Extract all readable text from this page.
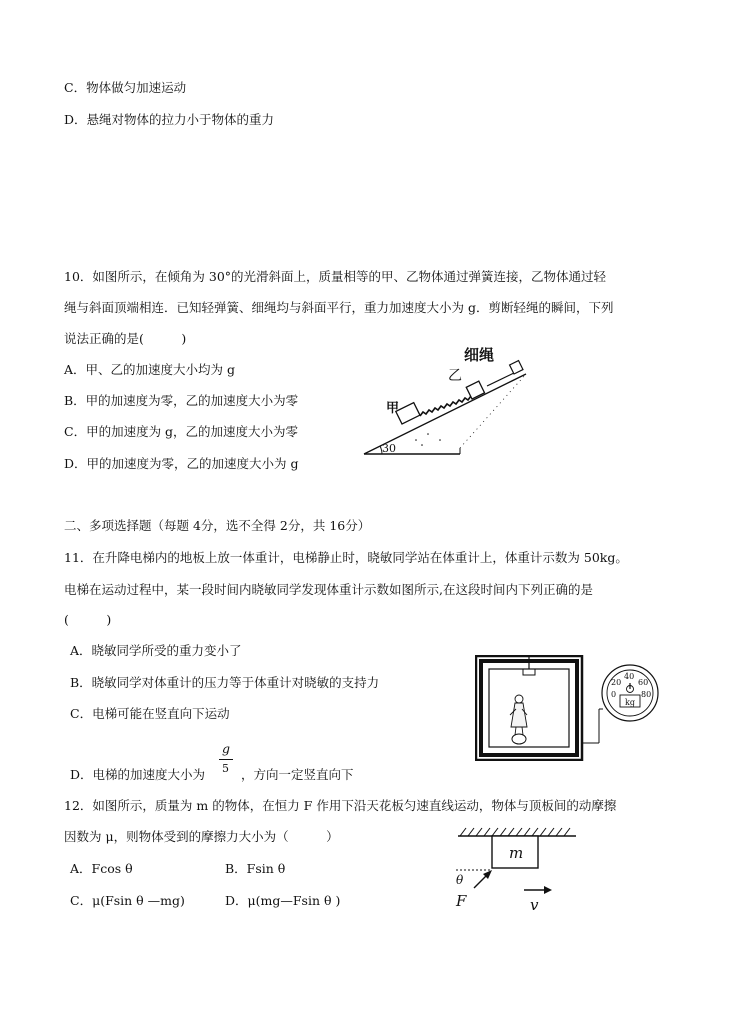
C．物体做匀加速运动
D．悬绳对物体的拉力小于物体的重力
10．如图所示，在倾角为 30°的光滑斜面上，质量相等的甲、乙物体通过弹簧连接，乙物体通过轻
绳与斜面顶端相连．已知轻弹簧、细绳均与斜面平行，重力加速度大小为 g．剪断轻绳的瞬间，下列
说法正确的是(　　　)
A．甲、乙的加速度大小均为 g
B．甲的加速度为零，乙的加速度大小为零
C．甲的加速度为 g，乙的加速度大小为零
D．甲的加速度为零，乙的加速度大小为 g
30
细绳
乙
甲
二、多项选择题（每题 4分，选不全得 2分，共 16分）
11．在升降电梯内的地板上放一体重计，电梯静止时，晓敏同学站在体重计上，体重计示数为 50kg。
电梯在运动过程中，某一段时间内晓敏同学发现体重计示数如图所示,在这段时间内下列正确的是
(　　　)
A．晓敏同学所受的重力变小了
B．晓敏同学对体重计的压力等于体重计对晓敏的支持力
C．电梯可能在竖直向下运动
D．电梯的加速度大小为
g
5 ，方向一定竖直向下
kg
40
20 60
0	80
12．如图所示，质量为 m 的物体，在恒力 F 作用下沿天花板匀速直线运动，物体与顶板间的动摩擦
因数为 μ，则物体受到的摩擦力大小为（　　　）
A．Fcos θ	B．Fsin θ
C．μ(Fsin θ —mg)	D．μ(mg—Fsin θ )
m
θ
F	v
